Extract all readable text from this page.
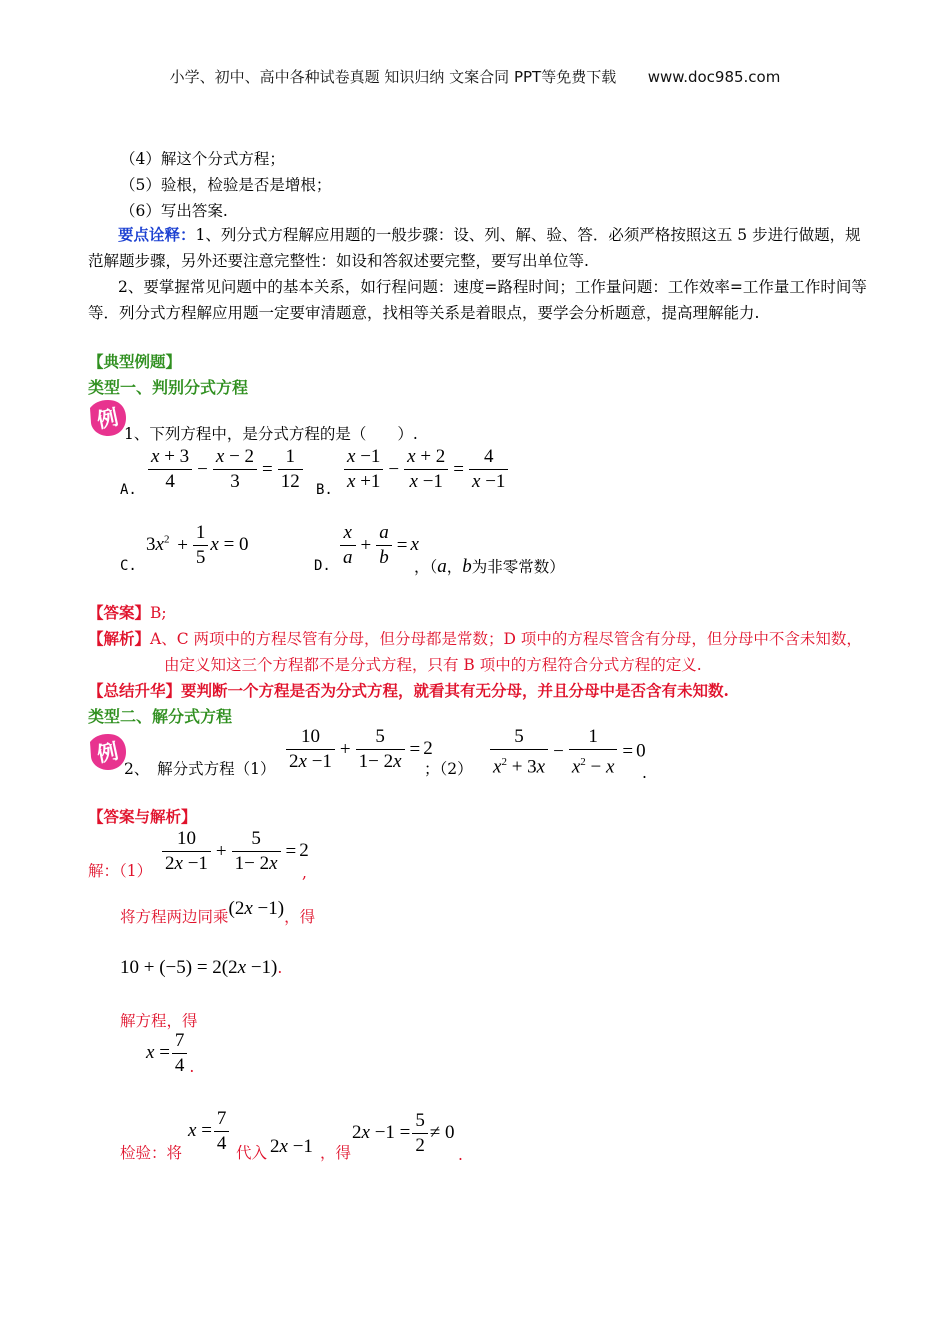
小学、初中、高中各种试卷真题 知识归纳 文案合同 PPT等免费下载 www.doc985.com
（4）解这个分式方程；
（5）验根，检验是否是增根；
（6）写出答案.
要点诠释：1、列分式方程解应用题的一般步骤：设、列、解、验、答．必须严格按照这五 5 步进行做题，规范解题步骤，另外还要注意完整性：如设和答叙述要完整，要写出单位等.
2、要掌握常见问题中的基本关系，如行程问题：速度=路程时间；工作量问题：工作效率=工作量工作时间等等．列分式方程解应用题一定要审清题意，找相等关系是着眼点，要学会分析题意，提高理解能力.
【典型例题】
类型一、判别分式方程
例
1、下列方程中，是分式方程的是（　　）.
A. $\frac{x + 3}{4} - \frac{x - 2}{3} = \frac{1}{12} B$. $\frac{x -1}{x +1} - \frac{x + 2}{x -1} = \frac{4}{x -1}$
C.
$3x^2 + \frac{1}{5}$ x = 0
D. $\frac{x}{a} + \frac{a}{b} = x$
，（a，b为非零常数）
【答案】B;
【解析】A、C 两项中的方程尽管有分母，但分母都是常数；D 项中的方程尽管含有分母，但分母中不含未知数，由定义知这三个方程都不是分式方程，只有 B 项中的方程符合分式方程的定义.
【总结升华】要判断一个方程是否为分式方程，就看其有无分母，并且分母中是否含有未知数.
类型二、解分式方程
例
2、　解分式方程$(1) \frac{10}{2x -1} + \frac{5}{1- 2x} = 2$
；$(2) \frac{5}{x^2 + 3x} - \frac{1}{x^2 - x} = 0$
.
【答案与解析】
解：$(1) \frac{10}{2x -1} + \frac{5}{1- 2x} = 2$
,
将方程两边同乘(2x −1)，得
10 + (−5) = 2(2x −1).
解方程，得
$x = \frac{7}{4}$ .
检验：将
$x = \frac{7}{4}$ 代入 2x −1 ，得
$2x -1 = \frac{5}{2} \ne 0$
.
